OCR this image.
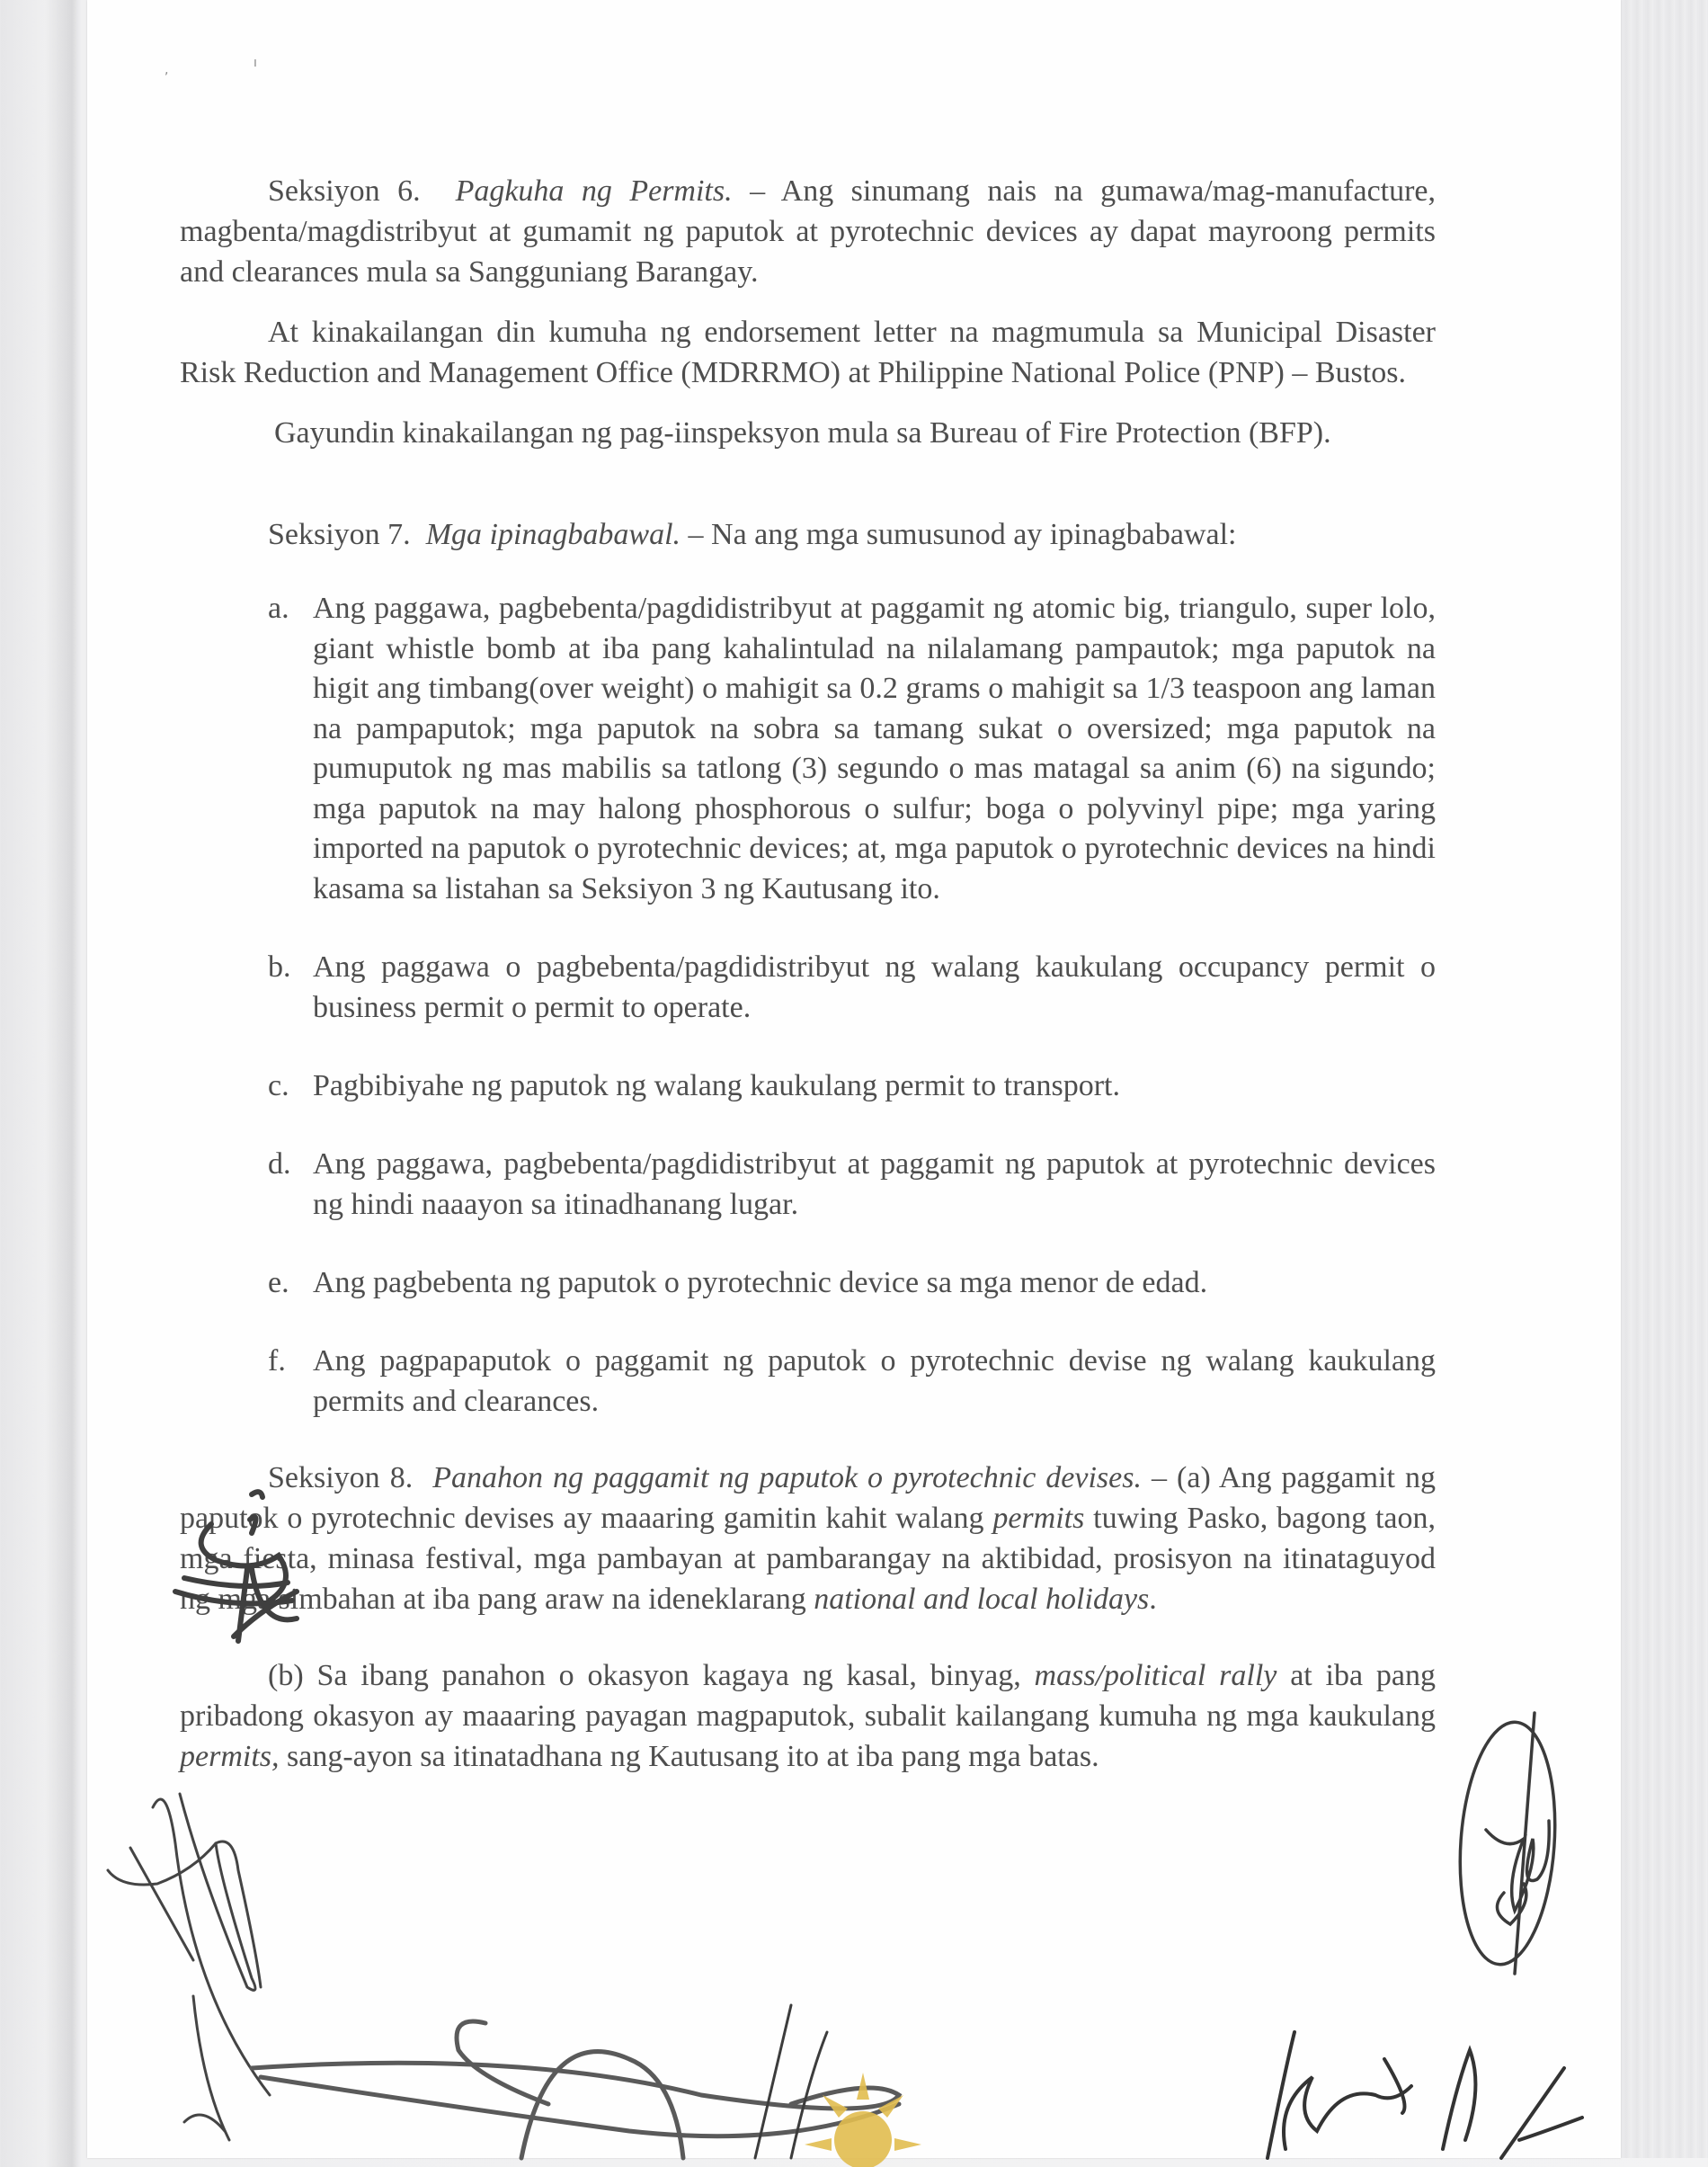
,	ı

Seksiyon 6. Pagkuha ng Permits. – Ang sinumang nais na gumawa/mag-manufacture, magbenta/magdistribyut at gumamit ng paputok at pyrotechnic devices ay dapat mayroong permits and clearances mula sa Sangguniang Barangay.

At kinakailangan din kumuha ng endorsement letter na magmumula sa Municipal Disaster Risk Reduction and Management Office (MDRRMO) at Philippine National Police (PNP) – Bustos.

Gayundin kinakailangan ng pag-iinspeksyon mula sa Bureau of Fire Protection (BFP).

Seksiyon 7. Mga ipinagbabawal. – Na ang mga sumusunod ay ipinagbabawal:

a. Ang paggawa, pagbebenta/pagdidistribyut at paggamit ng atomic big, triangulo, super lolo, giant whistle bomb at iba pang kahalintulad na nilalamang pampautok; mga paputok na higit ang timbang(over weight) o mahigit sa 0.2 grams o mahigit sa 1/3 teaspoon ang laman na pampaputok; mga paputok na sobra sa tamang sukat o oversized; mga paputok na pumuputok ng mas mabilis sa tatlong (3) segundo o mas matagal sa anim (6) na sigundo; mga paputok na may halong phosphorous o sulfur; boga o polyvinyl pipe; mga yaring imported na paputok o pyrotechnic devices; at, mga paputok o pyrotechnic devices na hindi kasama sa listahan sa Seksiyon 3 ng Kautusang ito.
b. Ang paggawa o pagbebenta/pagdidistribyut ng walang kaukulang occupancy permit o business permit o permit to operate.
c. Pagbibiyahe ng paputok ng walang kaukulang permit to transport.
d. Ang paggawa, pagbebenta/pagdidistribyut at paggamit ng paputok at pyrotechnic devices ng hindi naaayon sa itinadhanang lugar.
e. Ang pagbebenta ng paputok o pyrotechnic device sa mga menor de edad.
f. Ang pagpapaputok o paggamit ng paputok o pyrotechnic devise ng walang kaukulang permits and clearances.

Seksiyon 8. Panahon ng paggamit ng paputok o pyrotechnic devises. – (a) Ang paggamit ng paputok o pyrotechnic devises ay maaaring gamitin kahit walang permits tuwing Pasko, bagong taon, mga fiesta, minasa festival, mga pambayan at pambarangay na aktibidad, prosisyon na itinataguyod ng mga simbahan at iba pang araw na ideneklarang national and local holidays.

(b) Sa ibang panahon o okasyon kagaya ng kasal, binyag, mass/political rally at iba pang pribadong okasyon ay maaaring payagan magpaputok, subalit kailangang kumuha ng mga kaukulang permits, sang-ayon sa itinatadhana ng Kautusang ito at iba pang mga batas.
